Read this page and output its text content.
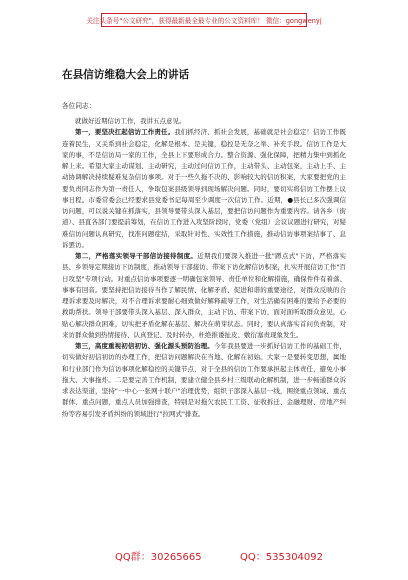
关注头条号"公文研究"，获得最新最全最专业的公文资料库！ 微信：gongwenyj
在县信访维稳大会上的讲话
各位同志：

就做好近期信访工作，我讲五点意见。

第一，要坚决扛起信访工作责任。我们抓经济、抓社会发展，基础就是社会稳定！信访工作既连着民生，又关系到社会稳定，化解是根本、是关键，稳控是无奈之举、补充手段。信访工作是大家的事，不是信访局一家的工作，全县上下要形成合力。整合资源、强化保障，把精力集中到抓化解上来。希望大家主动谋划、主动研究，主动过问信访工作，主动带头、主动包案，主动上手、主动协调解决持续疑难复杂信访事项。对于一些久拖不决的、影响较大的信访积案，大家要把党的主要负责同志作为第一责任人，争取包案县级领导到现场解决问题。同时，要切实将信访工作摆上议事日程。市委常委会已经要求县党委书记每周至少调度一次信访工作。近期，●县长已多次强调信访问题，可以说关键在抓落实，县领导要带头深入基层，要把信访问题作为重要内容。请各乡（街道）、县直各部门要提前筹划，在信访工作进入攻坚阶段时，党委（党组）会议议题进行研究，对疑难信访问题认真研究，找准问题症结，采取针对性、实效性工作措施，推动信访事项案结事了、息诉罢访。

第二，严格落实领导干部信访接待制度。近期我们要深入推进一批"蹲点式"下访，严格落实县、乡领导定期接访下访制度，推动领导干部接访、带案下访化解信访积案，扎实开展信访工作"百日攻坚"专项行动。对重点信访事项要逐一明确包案领导、责任单位和化解措施，确保件件有着落、事事有回音。要坚持把信访接待当作了解民情、化解矛盾、促进和谐的重要途径，对群众反映的合理诉求要及时解决，对不合理诉求要耐心细致做好解释疏导工作，对生活确有困难的要给予必要的救助帮扶。领导干部要带头深入基层、深入群众，主动下访、带案下访，面对面听取群众意见，心贴心解决群众困难，切实把矛盾化解在基层、解决在萌芽状态。同时，要认真落实首问负责制，对来访群众做到热情接待、认真登记、及时转办，杜绝推诿扯皮、敷衍塞责现象发生。

第三，高度重视初信初访、强化源头预防治理。今年我县要进一步抓好信访工作的基础工作，切实做好初信初访的办理工作，把信访问题解决在当地、化解在初始。大家一是要转变思想，属地和行业部门作为信访事项化解稳控的关键节点，对于全县的信访工作要承担起主体责任，避免小事拖大、大事拖炸。二是要完善工作机制，要建立健全县乡村三级联动化解机制，进一步畅通群众诉求表达渠道，坚持"一中心一张网十联户"治理优势，组织干部深入基层一线，围绕重点领域、重点群体、重点问题，重点人员加强排查，特别是对拖欠农民工工资、征收拆迁、金融理财、房地产纠纷等容易引发矛盾纠纷的领域进行"拉网式"排查。

QQ群：30265665	QQ：535304092
